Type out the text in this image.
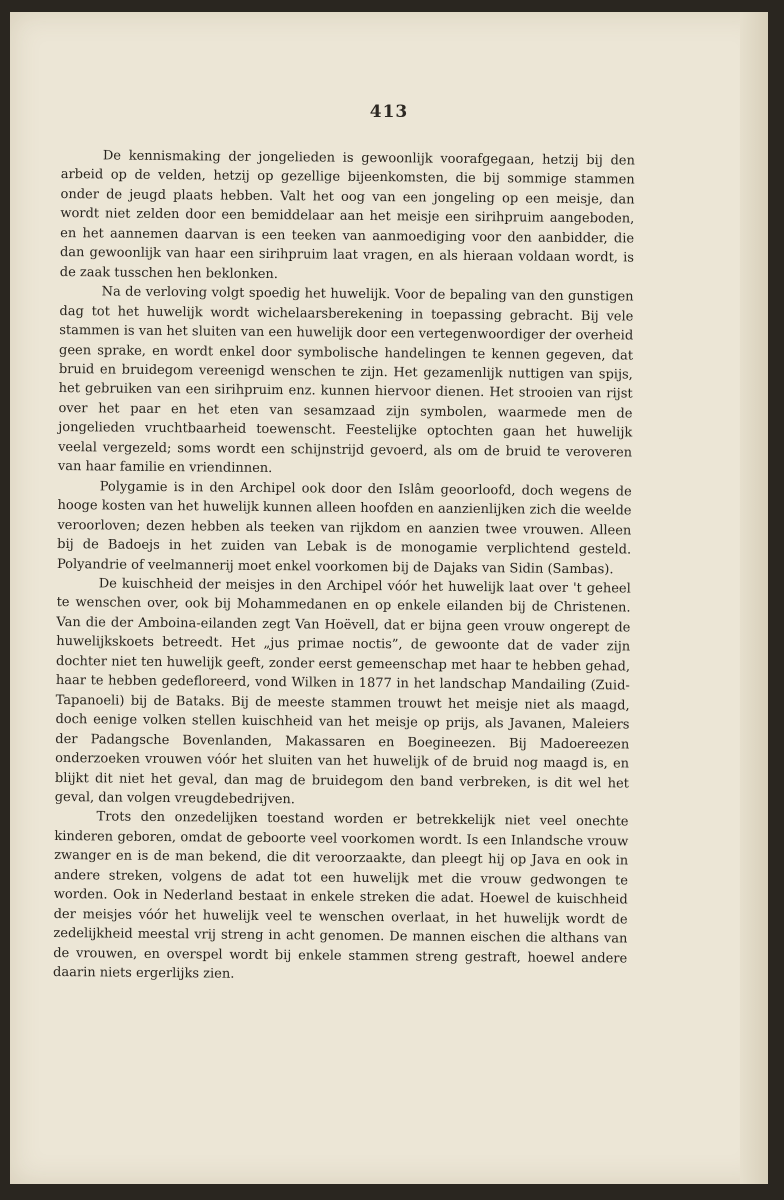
413

De kennismaking der jongelieden is gewoonlijk voorafgegaan, hetzij bij den arbeid op de velden, hetzij op gezellige bijeenkomsten, die bij sommige stammen onder de jeugd plaats hebben. Valt het oog van een jongeling op een meisje, dan wordt niet zelden door een bemiddelaar aan het meisje een sirihpruim aangeboden, en het aannemen daarvan is een teeken van aanmoediging voor den aanbidder, die dan gewoonlijk van haar een sirihpruim laat vragen, en als hieraan voldaan wordt, is de zaak tusschen hen beklonken.

Na de verloving volgt spoedig het huwelijk. Voor de bepaling van den gunstigen dag tot het huwelijk wordt wichelaarsberekening in toepassing gebracht. Bij vele stammen is van het sluiten van een huwelijk door een vertegenwoordiger der overheid geen sprake, en wordt enkel door symbolische handelingen te kennen gegeven, dat bruid en bruidegom vereenigd wenschen te zijn. Het gezamenlijk nuttigen van spijs, het gebruiken van een sirihpruim enz. kunnen hiervoor dienen. Het strooien van rijst over het paar en het eten van sesamzaad zijn symbolen, waarmede men de jongelieden vruchtbaarheid toewenscht. Feestelijke optochten gaan het huwelijk veelal vergezeld; soms wordt een schijnstrijd gevoerd, als om de bruid te veroveren van haar familie en vriendinnen.

Polygamie is in den Archipel ook door den Islâm geoorloofd, doch wegens de hooge kosten van het huwelijk kunnen alleen hoofden en aanzienlijken zich die weelde veroorloven; dezen hebben als teeken van rijkdom en aanzien twee vrouwen. Alleen bij de Badoejs in het zuiden van Lebak is de monogamie verplichtend gesteld. Polyandrie of veelmannerij moet enkel voorkomen bij de Dajaks van Sidin (Sambas).

De kuischheid der meisjes in den Archipel vóór het huwelijk laat over 't geheel te wenschen over, ook bij Mohammedanen en op enkele eilanden bij de Christenen. Van die der Amboina-eilanden zegt Van Hoëvell, dat er bijna geen vrouw ongerept de huwelijkskoets betreedt. Het „jus primae noctis”, de gewoonte dat de vader zijn dochter niet ten huwelijk geeft, zonder eerst gemeenschap met haar te hebben gehad, haar te hebben gedefloreerd, vond Wilken in 1877 in het landschap Mandailing (Zuid-Tapanoeli) bij de Bataks. Bij de meeste stammen trouwt het meisje niet als maagd, doch eenige volken stellen kuischheid van het meisje op prijs, als Javanen, Maleiers der Padangsche Bovenlanden, Makassaren en Boegineezen. Bij Madoereezen onderzoeken vrouwen vóór het sluiten van het huwelijk of de bruid nog maagd is, en blijkt dit niet het geval, dan mag de bruidegom den band verbreken, is dit wel het geval, dan volgen vreugdebedrijven.

Trots den onzedelijken toestand worden er betrekkelijk niet veel onechte kinderen geboren, omdat de geboorte veel voorkomen wordt. Is een Inlandsche vrouw zwanger en is de man bekend, die dit veroorzaakte, dan pleegt hij op Java en ook in andere streken, volgens de adat tot een huwelijk met die vrouw gedwongen te worden. Ook in Nederland bestaat in enkele streken die adat. Hoewel de kuischheid der meisjes vóór het huwelijk veel te wenschen overlaat, in het huwelijk wordt de zedelijkheid meestal vrij streng in acht genomen. De mannen eischen die althans van de vrouwen, en overspel wordt bij enkele stammen streng gestraft, hoewel andere daarin niets ergerlijks zien.
